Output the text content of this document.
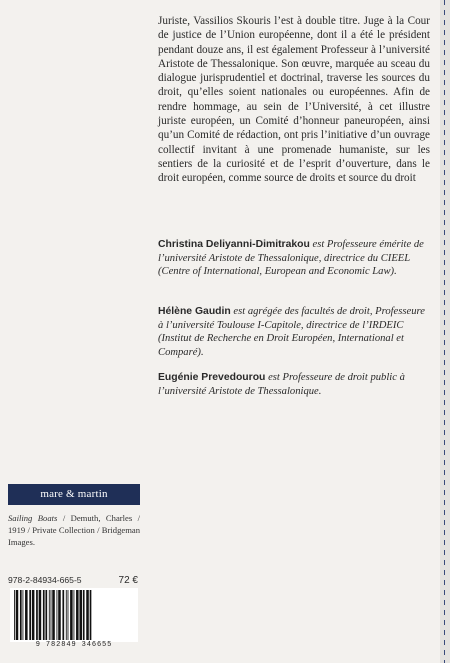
Juriste, Vassilios Skouris l’est à double titre. Juge à la Cour de justice de l’Union européenne, dont il a été le président pendant douze ans, il est également Professeur à l’université Aristote de Thessalonique. Son œuvre, marquée au sceau du dialogue jurisprudentiel et doctrinal, traverse les sources du droit, qu’elles soient nationales ou européennes. Afin de rendre hommage, au sein de l’Université, à cet illustre juriste européen, un Comité d’honneur paneuropéen, ainsi qu’un Comité de rédaction, ont pris l’initiative d’un ouvrage collectif invitant à une promenade humaniste, sur les sentiers de la curiosité et de l’esprit d’ouverture, dans le droit européen, comme source de droits et source du droit

Christina Deliyanni-Dimitrakou est Professeure émérite de l’université Aristote de Thessalonique, directrice du CIEEL (Centre of International, European and Economic Law).

Hélène Gaudin est agrégée des facultés de droit, Professeure à l’université Toulouse I-Capitole, directrice de l’IRDEIC (Institut de Recherche en Droit Européen, International et Comparé).

Eugénie Prevedourou est Professeure de droit public à l’université Aristote de Thessalonique.

mare & martin

Sailing Boats / Demuth, Charles / 1919 / Private Collection / Bridgeman Images.

978-2-84934-665-5	72 €
9 782849 346655
